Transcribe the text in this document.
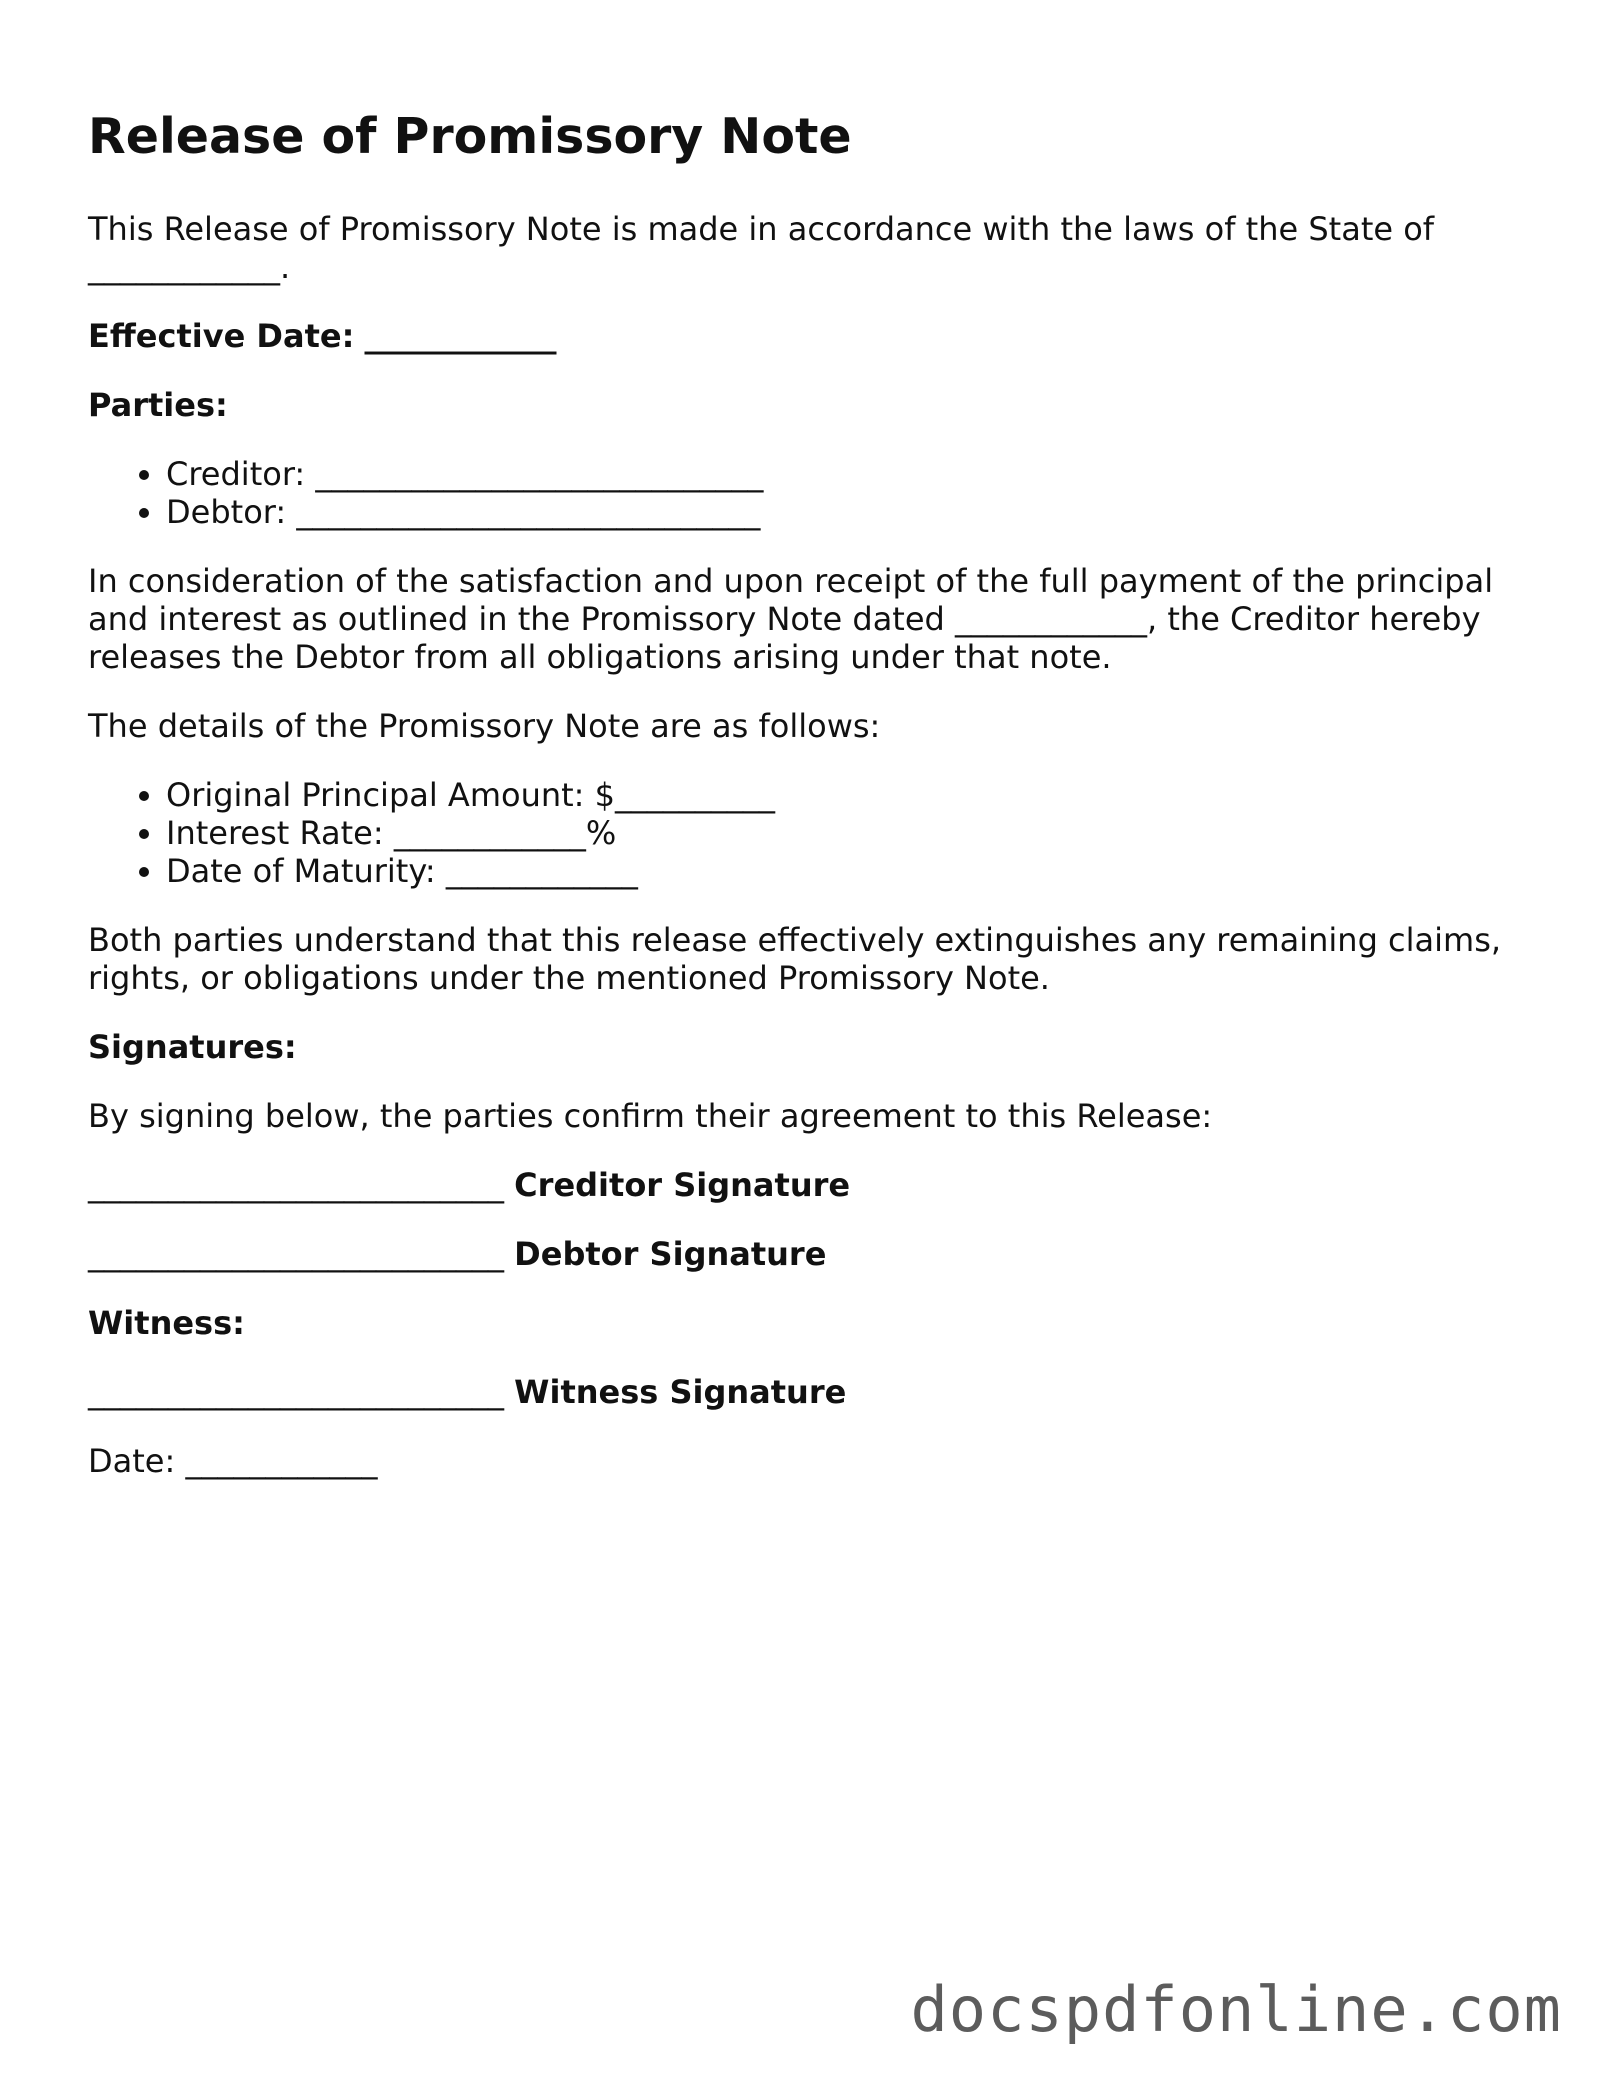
Release of Promissory Note

This Release of Promissory Note is made in accordance with the laws of the State of ____________.

Effective Date: ____________

Parties:

• Creditor: ____________________________
• Debtor: _____________________________

In consideration of the satisfaction and upon receipt of the full payment of the principal and interest as outlined in the Promissory Note dated ____________, the Creditor hereby releases the Debtor from all obligations arising under that note.

The details of the Promissory Note are as follows:

• Original Principal Amount: $__________
• Interest Rate: ____________%
• Date of Maturity: ____________

Both parties understand that this release effectively extinguishes any remaining claims, rights, or obligations under the mentioned Promissory Note.

Signatures:

By signing below, the parties confirm their agreement to this Release:

__________________________ Creditor Signature

__________________________ Debtor Signature

Witness:

__________________________ Witness Signature

Date: ____________

docspdfonline.com
